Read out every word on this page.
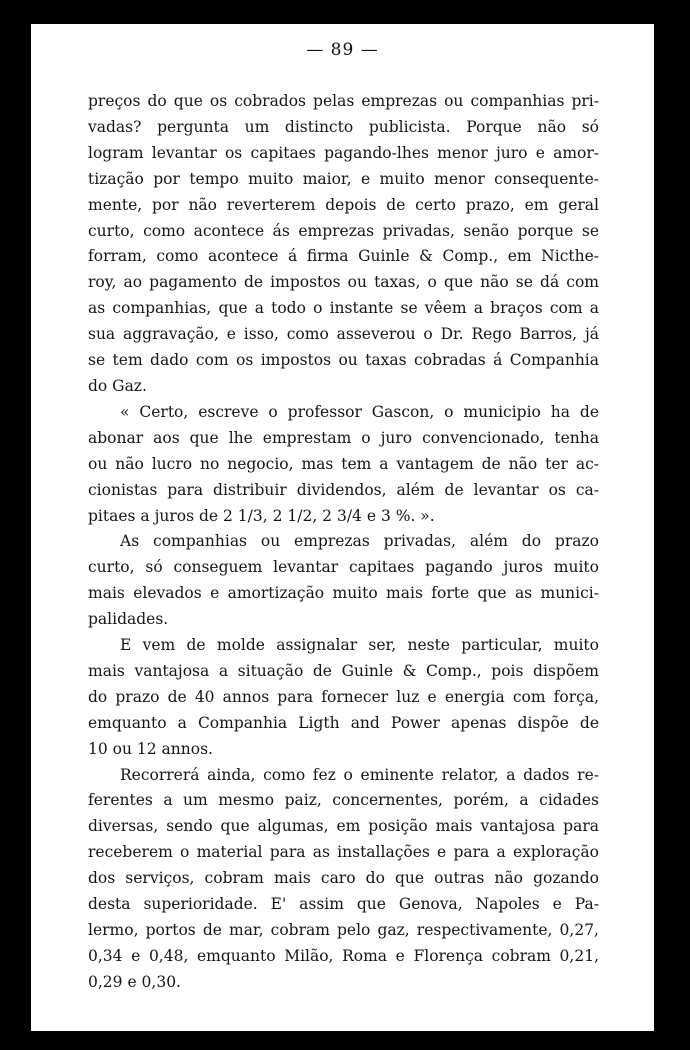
— 89 —

preços do que os cobrados pelas emprezas ou companhias pri-
vadas? pergunta um distincto publicista. Porque não só
logram levantar os capitaes pagando-lhes menor juro e amor-
tização por tempo muito maior, e muito menor consequente-
mente, por não reverterem depois de certo prazo, em geral
curto, como acontece ás emprezas privadas, senão porque se
forram, como acontece á firma Guinle & Comp., em Nicthe-
roy, ao pagamento de impostos ou taxas, o que não se dá com
as companhias, que a todo o instante se vêem a braços com a
sua aggravação, e isso, como asseverou o Dr. Rego Barros, já
se tem dado com os impostos ou taxas cobradas á Companhia
do Gaz.

« Certo, escreve o professor Gascon, o municipio ha de
abonar aos que lhe emprestam o juro convencionado, tenha
ou não lucro no negocio, mas tem a vantagem de não ter ac-
cionistas para distribuir dividendos, além de levantar os ca-
pitaes a juros de 2 1/3, 2 1/2, 2 3/4 e 3 %. ».

As companhias ou emprezas privadas, além do prazo
curto, só conseguem levantar capitaes pagando juros muito
mais elevados e amortização muito mais forte que as munici-
palidades.

E vem de molde assignalar ser, neste particular, muito
mais vantajosa a situação de Guinle & Comp., pois dispõem
do prazo de 40 annos para fornecer luz e energia com força,
emquanto a Companhia Ligth and Power apenas dispõe de
10 ou 12 annos.

Recorrerá ainda, como fez o eminente relator, a dados re-
ferentes a um mesmo paiz, concernentes, porém, a cidades
diversas, sendo que algumas, em posição mais vantajosa para
receberem o material para as installações e para a exploração
dos serviços, cobram mais caro do que outras não gozando
desta superioridade. E' assim que Genova, Napoles e Pa-
lermo, portos de mar, cobram pelo gaz, respectivamente, 0,27,
0,34 e 0,48, emquanto Milão, Roma e Florença cobram 0,21,
0,29 e 0,30.
